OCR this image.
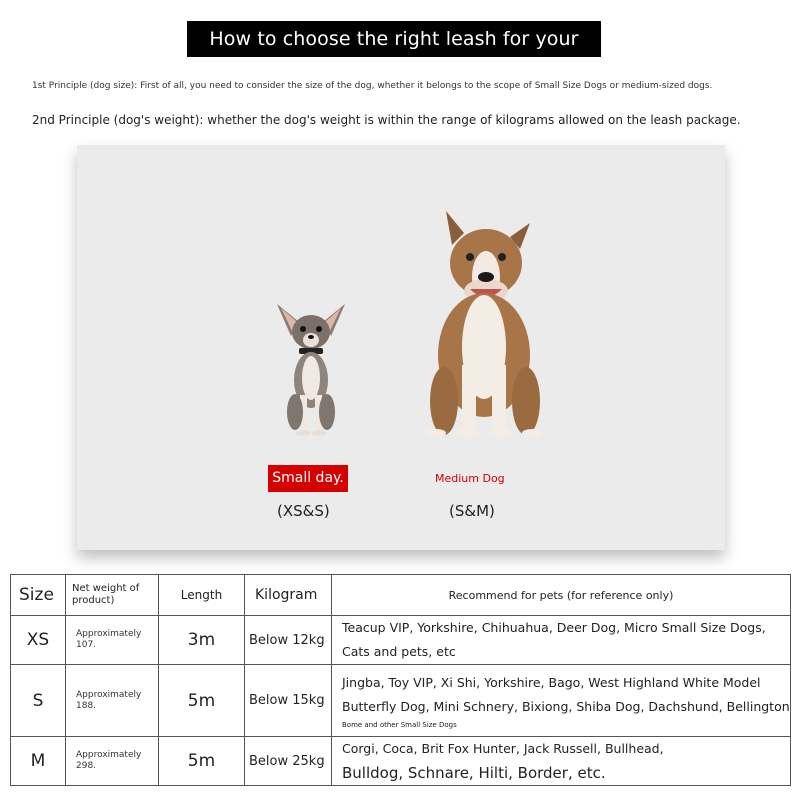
How to choose the right leash for your dog?
1st Principle (dog size): First of all, you need to consider the size of the dog, whether it belongs to the scope of Small Size Dogs or medium-sized dogs.
2nd Principle (dog's weight): whether the dog's weight is within the range of kilograms allowed on the leash package.
Small day.
(XS&S)
Medium Dog
(S&M)
Size	Net weight of product)	Length	Kilogram	Recommend for pets (for reference only)
XS	Approximately 107.	3m	Below 12kg	Teacup VIP, Yorkshire, Chihuahua, Deer Dog, Micro Small Size Dogs,
Cats and pets, etc

S	Approximately 188.	5m	Below 15kg	Jingba, Toy VIP, Xi Shi, Yorkshire, Bago, West Highland White Model
Butterfly Dog, Mini Schnery, Bixiong, Shiba Dog, Dachshund, Bellington
Bome and other Small Size Dogs

M	Approximately 298.	5m	Below 25kg	Corgi, Coca, Brit Fox Hunter, Jack Russell, Bullhead,
Bulldog, Schnare, Hilti, Border, etc.
